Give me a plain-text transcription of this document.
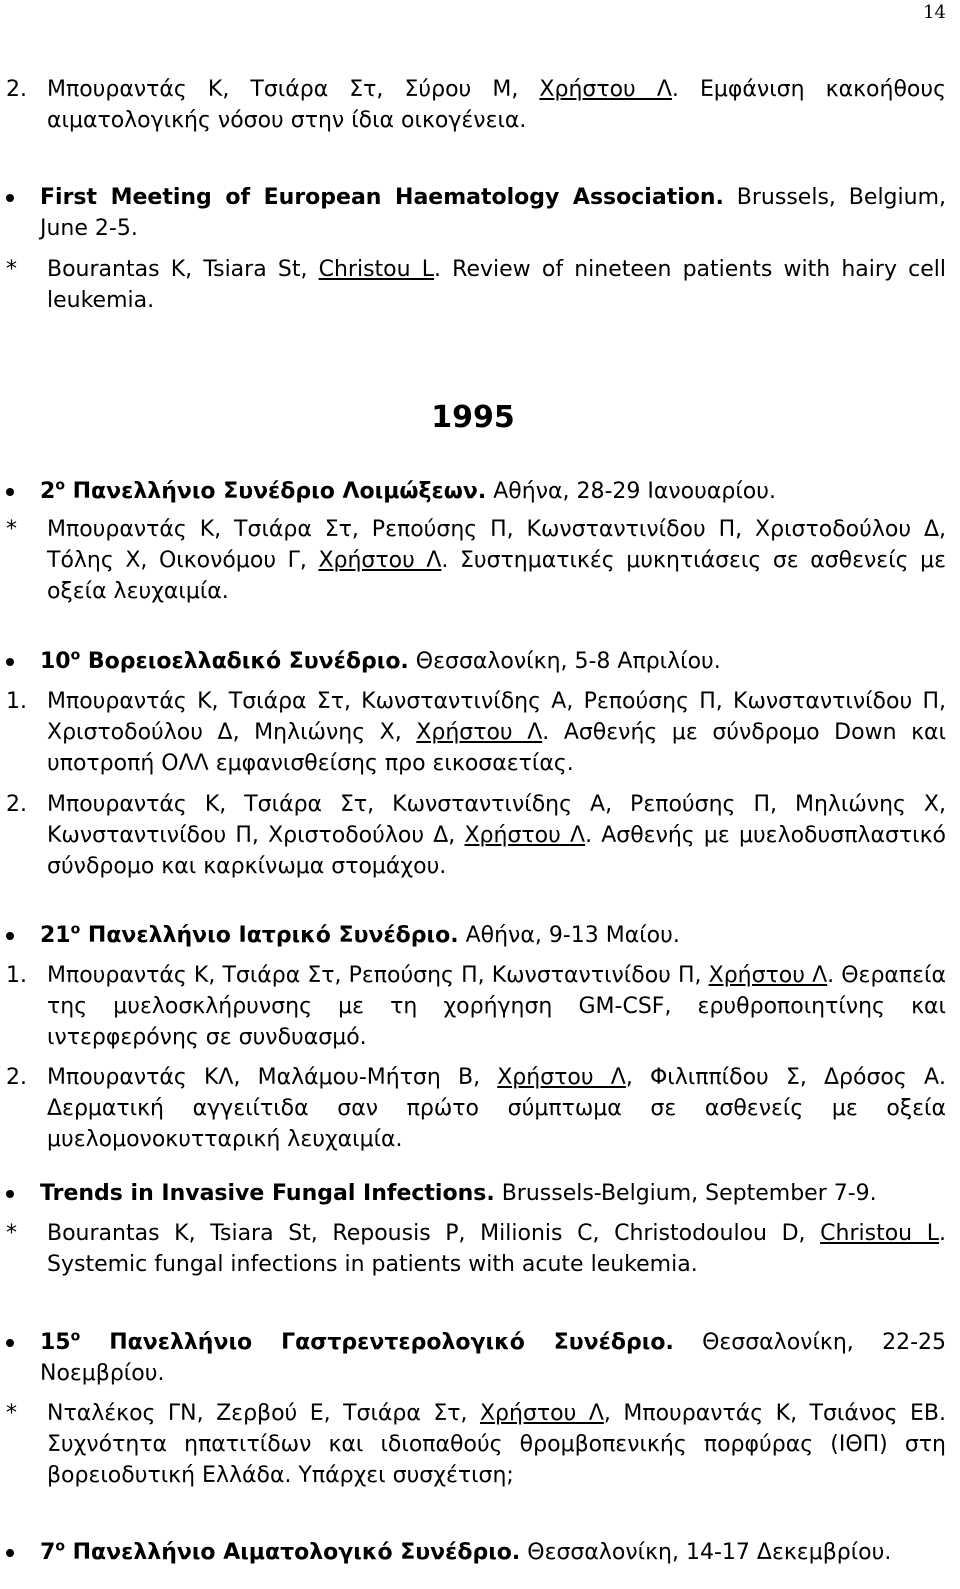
14
1995
2. Μπουραντάς Κ, Τσιάρα Στ, Σύρου Μ, Χρήστου Λ. Εμφάνιση κακοήθους αιματολογικής νόσου στην ίδια οικογένεια.
First Meeting of European Haematology Association. Brussels, Belgium, June 2-5.
* Bourantas K, Tsiara St, Christou L. Review of nineteen patients with hairy cell leukemia.
$2^o$ Πανελλήνιο Συνέδριο Λοιμώξεων. Αθήνα, 28-29 Ιανουαρίου.
* Μπουραντάς Κ, Τσιάρα Στ, Ρεπούσης Π, Κωνσταντινίδου Π, Χριστοδούλου Δ, Τόλης Χ, Οικονόμου Γ, Χρήστου Λ. Συστηματικές μυκητιάσεις σε ασθενείς με οξεία λευχαιμία.
$10^o$ Βορειοελλαδικό Συνέδριο. Θεσσαλονίκη, 5-8 Απριλίου.
1. Μπουραντάς Κ, Τσιάρα Στ, Κωνσταντινίδης Α, Ρεπούσης Π, Κωνσταντινίδου Π, Χριστοδούλου Δ, Μηλιώνης Χ, Χρήστου Λ. Ασθενής με σύνδρομο Down και υποτροπή ΟΛΛ εμφανισθείσης προ εικοσαετίας.
2. Μπουραντάς Κ, Τσιάρα Στ, Κωνσταντινίδης Α, Ρεπούσης Π, Μηλιώνης Χ, Κωνσταντινίδου Π, Χριστοδούλου Δ, Χρήστου Λ. Ασθενής με μυελοδυσπλαστικό σύνδρομο και καρκίνωμα στομάχου.
$21^o$ Πανελλήνιο Ιατρικό Συνέδριο. Αθήνα, 9-13 Μαίου.
1. Μπουραντάς Κ, Τσιάρα Στ, Ρεπούσης Π, Κωνσταντινίδου Π, Χρήστου Λ. Θεραπεία της μυελοσκλήρυνσης με τη χορήγηση GM-CSF, ερυθροποιητίνης και ιντερφερόνης σε συνδυασμό.
2. Μπουραντάς ΚΛ, Μαλάμου-Μήτση Β, Χρήστου Λ, Φιλιππίδου Σ, Δρόσος Α. Δερματική αγγειίτιδα σαν πρώτο σύμπτωμα σε ασθενείς με οξεία μυελομονοκυτταρική λευχαιμία.
Trends in Invasive Fungal Infections. Brussels-Belgium, September 7-9.
* Bourantas K, Tsiara St, Repousis P, Milionis C, Christodoulou D, Christou L. Systemic fungal infections in patients with acute leukemia.
$15^o$ Πανελλήνιο Γαστρεντερολογικό Συνέδριο. Θεσσαλονίκη, 22-25 Νοεμβρίου.
* Νταλέκος ΓΝ, Ζερβού Ε, Τσιάρα Στ, Χρήστου Λ, Μπουραντάς Κ, Τσιάνος ΕΒ. Συχνότητα ηπατιτίδων και ιδιοπαθούς θρομβοπενικής πορφύρας (ΙΘΠ) στη βορειοδυτική Ελλάδα. Υπάρχει συσχέτιση;
$7^o$ Πανελλήνιο Αιματολογικό Συνέδριο. Θεσσαλονίκη, 14-17 Δεκεμβρίου.
